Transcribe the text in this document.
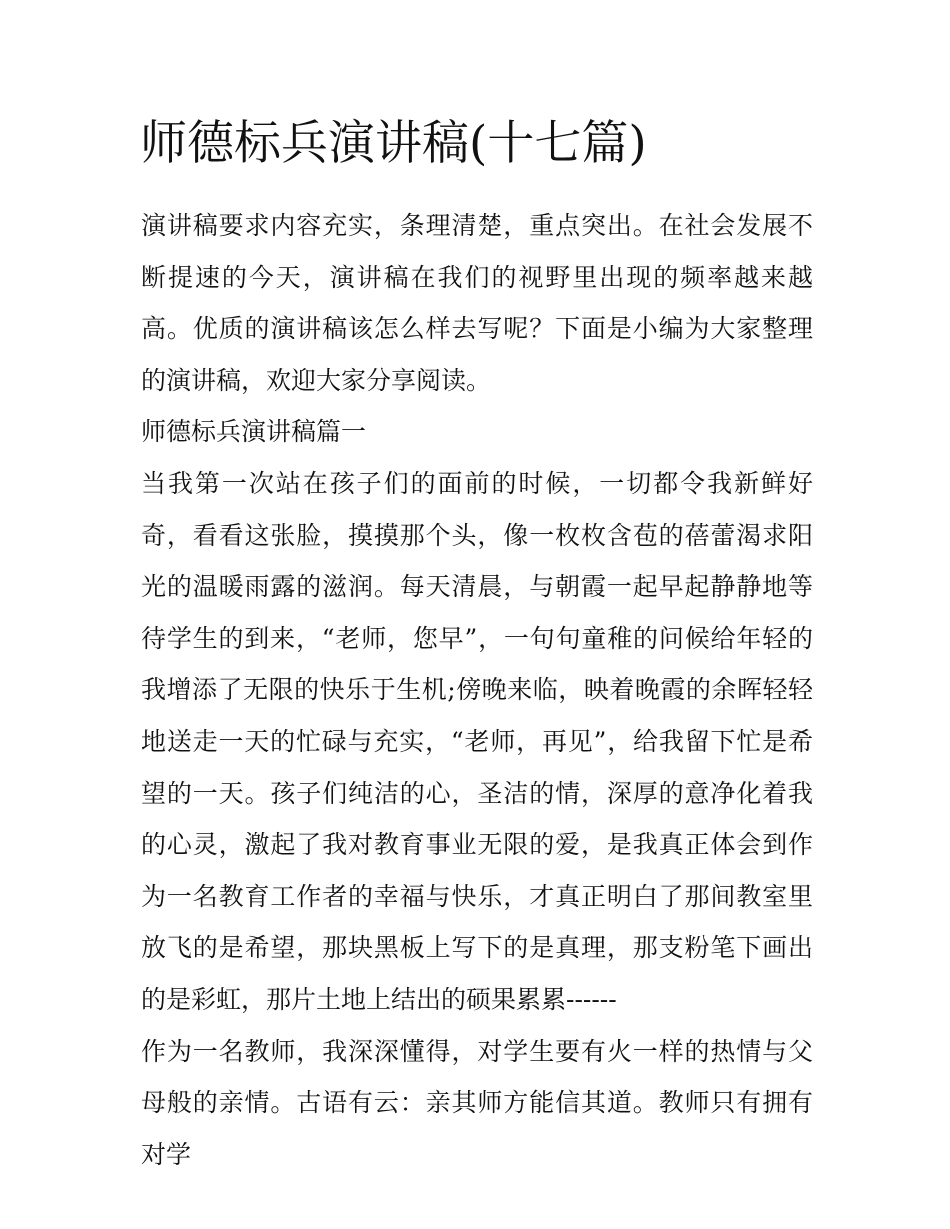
师德标兵演讲稿(十七篇)

演讲稿要求内容充实，条理清楚，重点突出。在社会发展不断提速的今天，演讲稿在我们的视野里出现的频率越来越高。优质的演讲稿该怎么样去写呢？下面是小编为大家整理的演讲稿，欢迎大家分享阅读。

师德标兵演讲稿篇一

当我第一次站在孩子们的面前的时候，一切都令我新鲜好奇，看看这张脸，摸摸那个头，像一枚枚含苞的蓓蕾渴求阳光的温暖雨露的滋润。每天清晨，与朝霞一起早起静静地等待学生的到来，“老师，您早”，一句句童稚的问候给年轻的我增添了无限的快乐于生机;傍晚来临，映着晚霞的余晖轻轻地送走一天的忙碌与充实，“老师，再见”，给我留下忙是希望的一天。孩子们纯洁的心，圣洁的情，深厚的意净化着我的心灵，激起了我对教育事业无限的爱，是我真正体会到作为一名教育工作者的幸福与快乐，才真正明白了那间教室里放飞的是希望，那块黑板上写下的是真理，那支粉笔下画出的是彩虹，那片土地上结出的硕果累累------

作为一名教师，我深深懂得，对学生要有火一样的热情与父母般的亲情。古语有云：亲其师方能信其道。教师只有拥有对学
